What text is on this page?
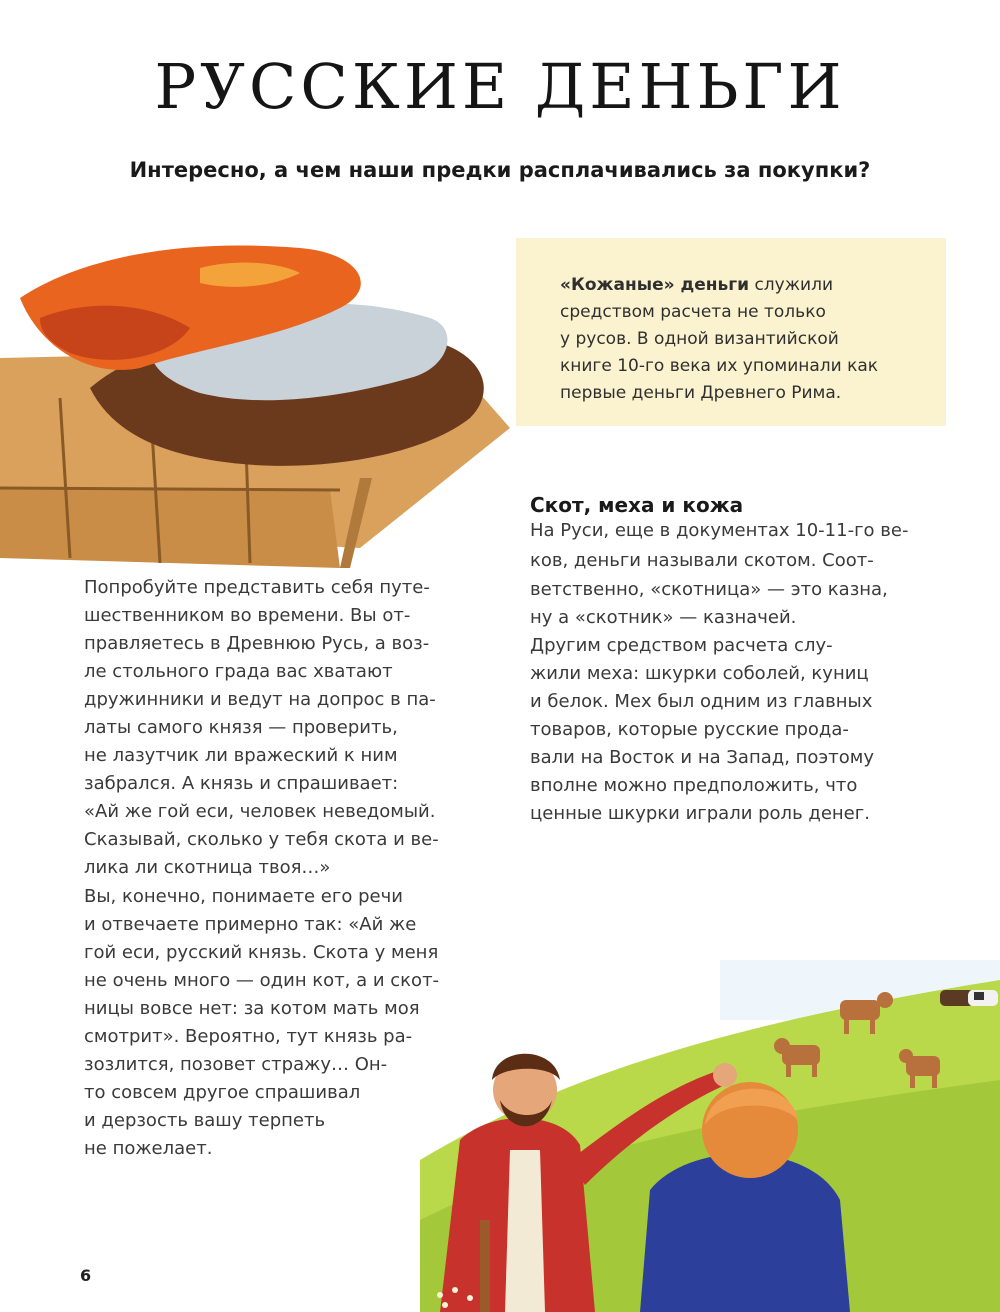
РУССКИЕ ДЕНЬГИ
Интересно, а чем наши предки расплачивались за покупки?

«Кожаные» деньги служили

средством расчета не только

у русов. В одной византийской

книге 10-го века их упоминали как

первые деньги Древнего Рима.

Скот, меха и кожа
На Руси, еще в документах 10-11-го ве-
ков, деньги называли скотом. Соот-
ветственно, «скотница» — это казна,
ну а «скотник» — казначей.
Другим средством расчета слу-
жили меха: шкурки соболей, куниц
и белок. Мех был одним из главных
товаров, которые русские прода-
вали на Восток и на Запад, поэтому
вполне можно предположить, что
ценные шкурки играли роль денег.
Попробуйте представить себя путе-
шественником во времени. Вы от-
правляетесь в Древнюю Русь, а воз-
ле стольного града вас хватают
дружинники и ведут на допрос в па-
латы самого князя — проверить,
не лазутчик ли вражеский к ним
забрался. А князь и спрашивает:
«Ай же гой еси, человек неведомый.
Сказывай, сколько у тебя скота и ве-
лика ли скотница твоя…»
Вы, конечно, понимаете его речи
и отвечаете примерно так: «Ай же
гой еси, русский князь. Скота у меня
не очень много — один кот, а и скот-
ницы вовсе нет: за котом мать моя
смотрит». Вероятно, тут князь ра-
зозлится, позовет стражу… Он-
то совсем другое спрашивал
и дерзость вашу терпеть
не пожелает.
6
